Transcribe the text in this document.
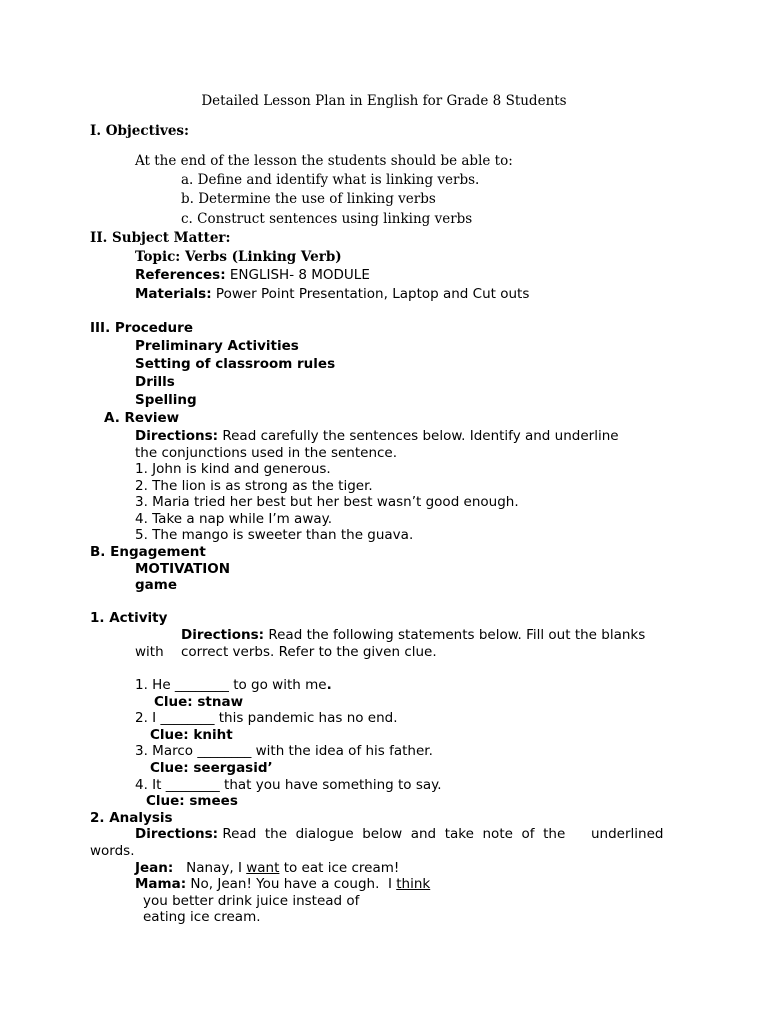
Detailed Lesson Plan in English for Grade 8 Students
I. Objectives:
At the end of the lesson the students should be able to:
a. Define and identify what is linking verbs.
b. Determine the use of linking verbs
c. Construct sentences using linking verbs
II. Subject Matter:
Topic: Verbs (Linking Verb)
References: ENGLISH- 8 MODULE
Materials: Power Point Presentation, Laptop and Cut outs
III. Procedure
Preliminary Activities
Setting of classroom rules
Drills
Spelling
A. Review
Directions: Read carefully the sentences below. Identify and underline
the conjunctions used in the sentence.
1. John is kind and generous.
2. The lion is as strong as the tiger.
3. Maria tried her best but her best wasn’t good enough.
4. Take a nap while I’m away.
5. The mango is sweeter than the guava.
B. Engagement
MOTIVATION
game
1. Activity
Directions: Read the following statements below. Fill out the blanks
with correct verbs. Refer to the given clue.
1. He ________ to go with me.
Clue: stnaw
2. I ________ this pandemic has no end.
Clue: kniht
3. Marco ________ with the idea of his father.
Clue: seergasid’
4. It ________ that you have something to say.
Clue: smees
2. Analysis
Directions: Read  the  dialogue  below  and  take  note  of  the      underlined
words.
Jean:   Nanay, I want to eat ice cream!
Mama: No, Jean! You have a cough.  I think
you better drink juice instead of
eating ice cream.
